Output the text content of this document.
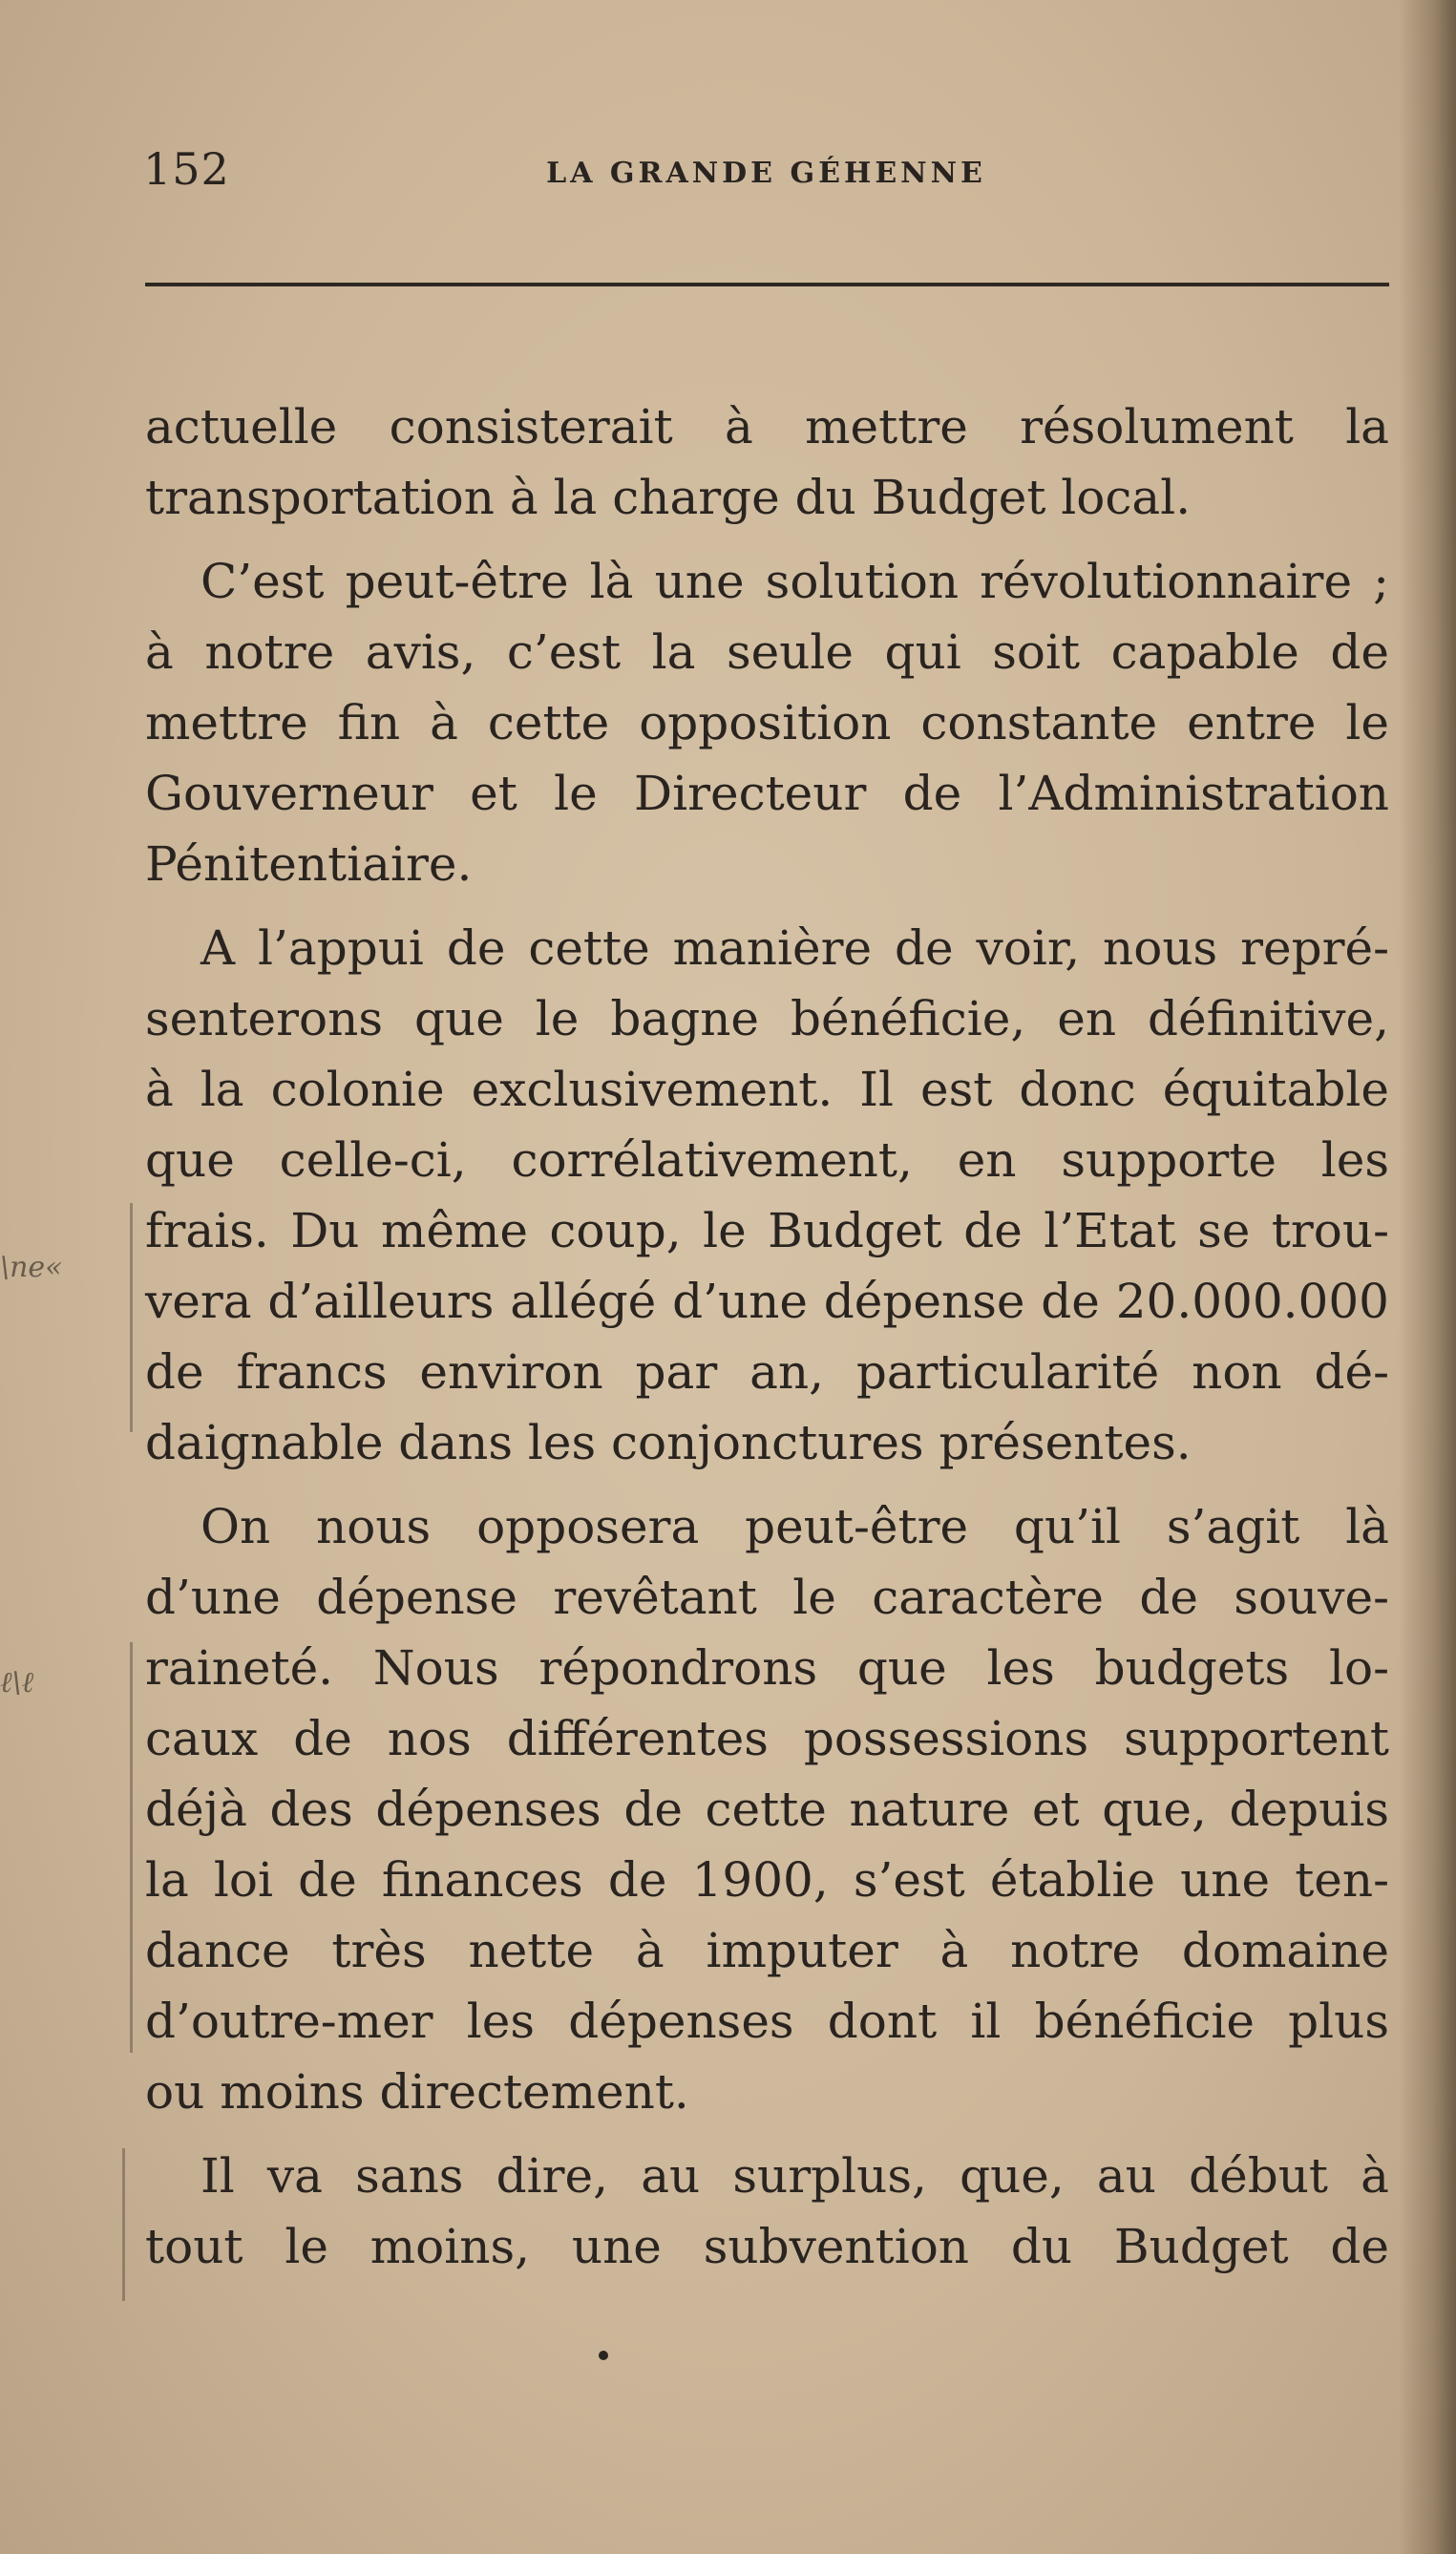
152	LA GRANDE GÉHENNE
actuelle consisterait à mettre résolument la
transportation à la charge du Budget local.
C’est peut-être là une solution révolutionnaire ;
à notre avis, c’est la seule qui soit capable de
mettre fin à cette opposition constante entre le
Gouverneur et le Directeur de l’Administration
Pénitentiaire.
A l’appui de cette manière de voir, nous repré-
senterons que le bagne bénéficie, en définitive,
à la colonie exclusivement. Il est donc équitable
que celle-ci, corrélativement, en supporte les
frais. Du même coup, le Budget de l’Etat se trou-
vera d’ailleurs allégé d’une dépense de 20.000.000
de francs environ par an, particularité non dé-
daignable dans les conjonctures présentes.
On nous opposera peut-être qu’il s’agit là
d’une dépense revêtant le caractère de souve-
raineté. Nous répondrons que les budgets lo-
caux de nos différentes possessions supportent
déjà des dépenses de cette nature et que, depuis
la loi de finances de 1900, s’est établie une ten-
dance très nette à imputer à notre domaine
d’outre-mer les dépenses dont il bénéficie plus
ou moins directement.
Il va sans dire, au surplus, que, au début à
tout le moins, une subvention du Budget de
\ne«
ℓ\ℓ
